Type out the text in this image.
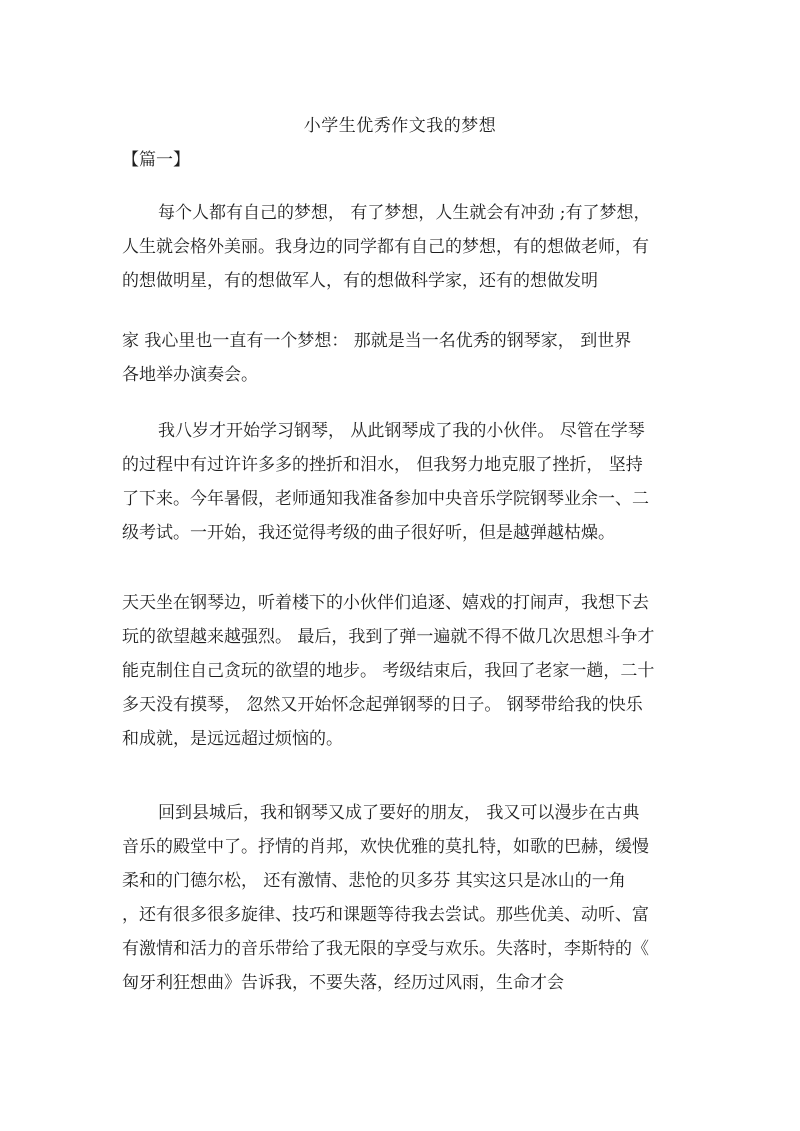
小学生优秀作文我的梦想
【篇一】
每个人都有自己的梦想， 有了梦想，人生就会有冲劲 ;有了梦想，
人生就会格外美丽。我身边的同学都有自己的梦想，有的想做老师，有
的想做明星，有的想做军人，有的想做科学家，还有的想做发明
家 我心里也一直有一个梦想： 那就是当一名优秀的钢琴家， 到世界
各地举办演奏会。
我八岁才开始学习钢琴， 从此钢琴成了我的小伙伴。 尽管在学琴
的过程中有过许许多多的挫折和泪水， 但我努力地克服了挫折， 坚持
了下来。今年暑假，老师通知我准备参加中央音乐学院钢琴业余一、二
级考试。一开始，我还觉得考级的曲子很好听，但是越弹越枯燥。
天天坐在钢琴边，听着楼下的小伙伴们追逐、嬉戏的打闹声，我想下去
玩的欲望越来越强烈。 最后，我到了弹一遍就不得不做几次思想斗争才
能克制住自己贪玩的欲望的地步。 考级结束后，我回了老家一趟，二十
多天没有摸琴， 忽然又开始怀念起弹钢琴的日子。 钢琴带给我的快乐
和成就，是远远超过烦恼的。
回到县城后，我和钢琴又成了要好的朋友， 我又可以漫步在古典
音乐的殿堂中了。抒情的肖邦，欢快优雅的莫扎特，如歌的巴赫，缓慢
柔和的门德尔松， 还有激情、悲怆的贝多芬 其实这只是冰山的一角
，还有很多很多旋律、技巧和课题等待我去尝试。那些优美、动听、富
有激情和活力的音乐带给了我无限的享受与欢乐。失落时，李斯特的《
匈牙利狂想曲》告诉我，不要失落，经历过风雨，生命才会
